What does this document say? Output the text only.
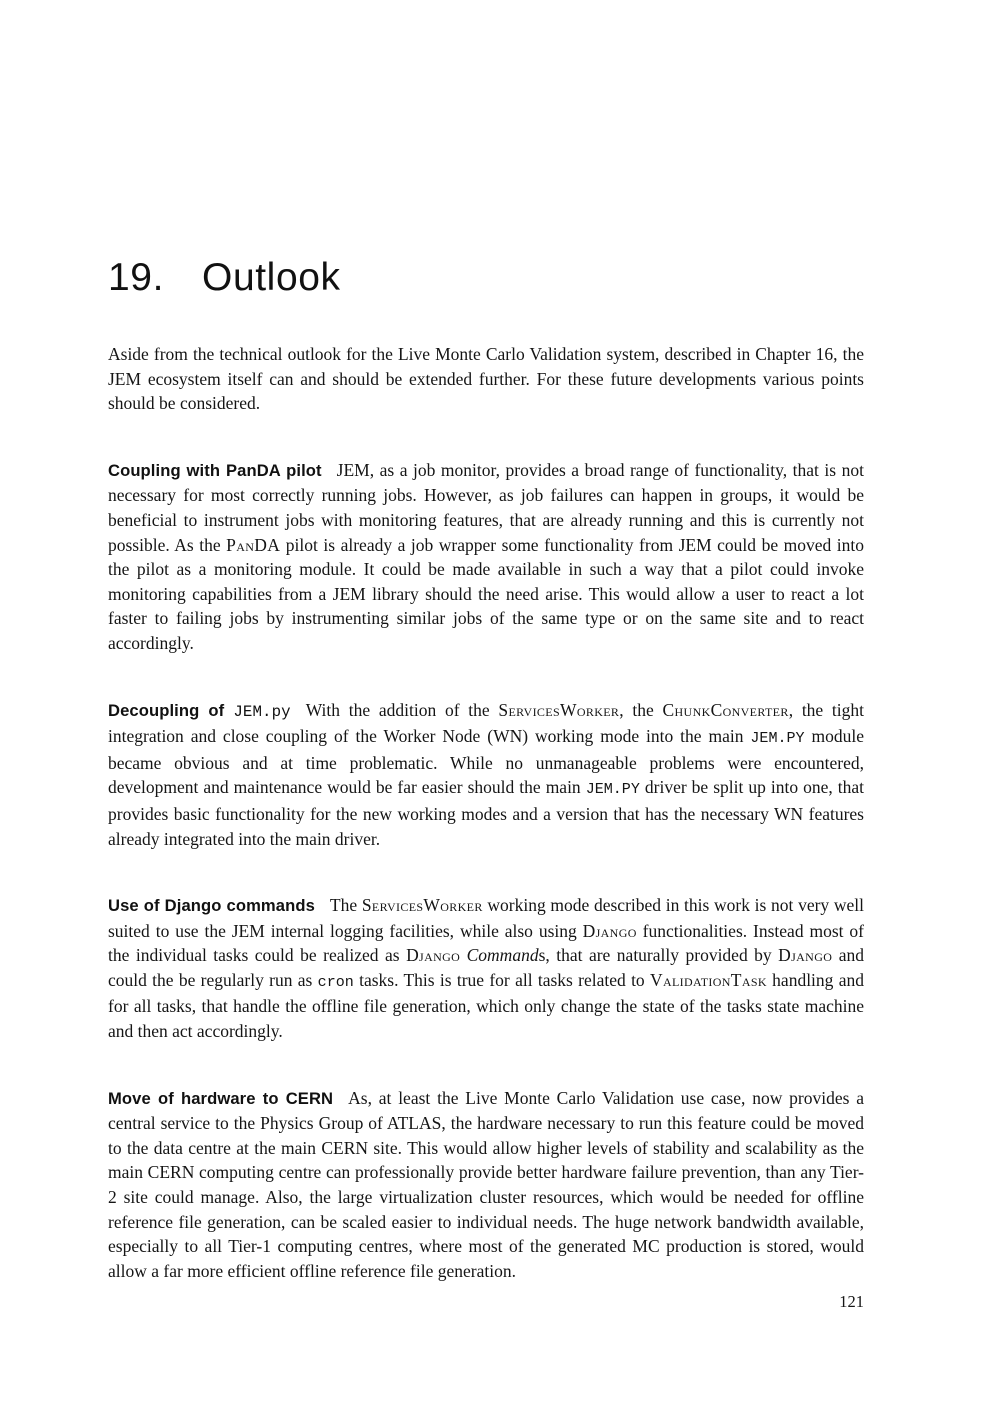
19. Outlook

Aside from the technical outlook for the Live Monte Carlo Validation system, described in Chapter 16, the JEM ecosystem itself can and should be extended further. For these future developments various points should be considered.

Coupling with PanDA pilot JEM, as a job monitor, provides a broad range of functionality, that is not necessary for most correctly running jobs. However, as job failures can happen in groups, it would be beneficial to instrument jobs with monitoring features, that are already running and this is currently not possible. As the PanDA pilot is already a job wrapper some functionality from JEM could be moved into the pilot as a monitoring module. It could be made available in such a way that a pilot could invoke monitoring capabilities from a JEM library should the need arise. This would allow a user to react a lot faster to failing jobs by instrumenting similar jobs of the same type or on the same site and to react accordingly.

Decoupling of JEM.py With the addition of the ServicesWorker, the ChunkConverter, the tight integration and close coupling of the Worker Node (WN) working mode into the main JEM.PY module became obvious and at time problematic. While no unmanageable problems were encountered, development and maintenance would be far easier should the main JEM.PY driver be split up into one, that provides basic functionality for the new working modes and a version that has the necessary WN features already integrated into the main driver.

Use of Django commands The ServicesWorker working mode described in this work is not very well suited to use the JEM internal logging facilities, while also using Django functionalities. Instead most of the individual tasks could be realized as Django Commands, that are naturally provided by Django and could the be regularly run as cron tasks. This is true for all tasks related to ValidationTask handling and for all tasks, that handle the offline file generation, which only change the state of the tasks state machine and then act accordingly.

Move of hardware to CERN As, at least the Live Monte Carlo Validation use case, now provides a central service to the Physics Group of ATLAS, the hardware necessary to run this feature could be moved to the data centre at the main CERN site. This would allow higher levels of stability and scalability as the main CERN computing centre can professionally provide better hardware failure prevention, than any Tier-2 site could manage. Also, the large virtualization cluster resources, which would be needed for offline reference file generation, can be scaled easier to individual needs. The huge network bandwidth available, especially to all Tier-1 computing centres, where most of the generated MC production is stored, would allow a far more efficient offline reference file generation.

121
